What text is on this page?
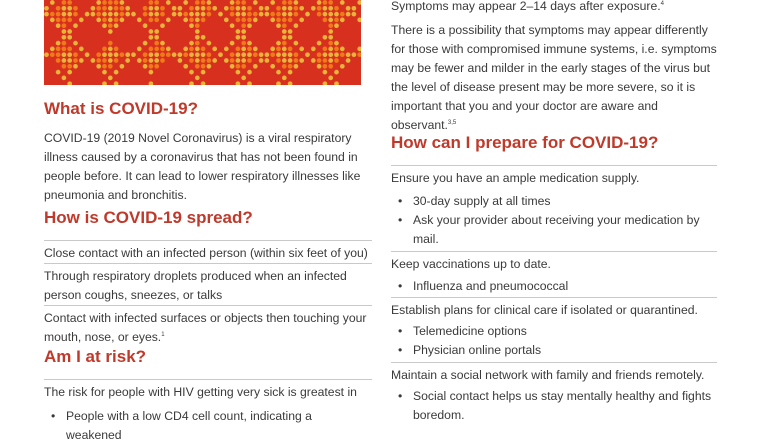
What is COVID-19?

COVID-19 (2019 Novel Coronavirus) is a viral respiratory illness caused by a coronavirus that has not been found in people before. It can lead to lower respiratory illnesses like pneumonia and bronchitis.

How is COVID-19 spread?
Close contact with an infected person (within six feet of you)
Through respiratory droplets produced when an infected person coughs, sneezes, or talks
Contact with infected surfaces or objects then touching your mouth, nose, or eyes.$^1$
Am I at risk?
The risk for people with HIV getting very sick is greatest in
• People with a low CD4 cell count, indicating a weakened

Symptoms may appear 2–14 days after exposure.$^4$

There is a possibility that symptoms may appear differently for those with compromised immune systems, i.e. symptoms may be fewer and milder in the early stages of the virus but the level of disease present may be more severe, so it is important that you and your doctor are aware and observant.$^{3,5}$

How can I prepare for COVID-19?
Ensure you have an ample medication supply.
• 30-day supply at all times
• Ask your provider about receiving your medication by mail.
Keep vaccinations up to date.
• Influenza and pneumococcal
Establish plans for clinical care if isolated or quarantined.
• Telemedicine options
• Physician online portals
Maintain a social network with family and friends remotely.
• Social contact helps us stay mentally healthy and fights boredom.
